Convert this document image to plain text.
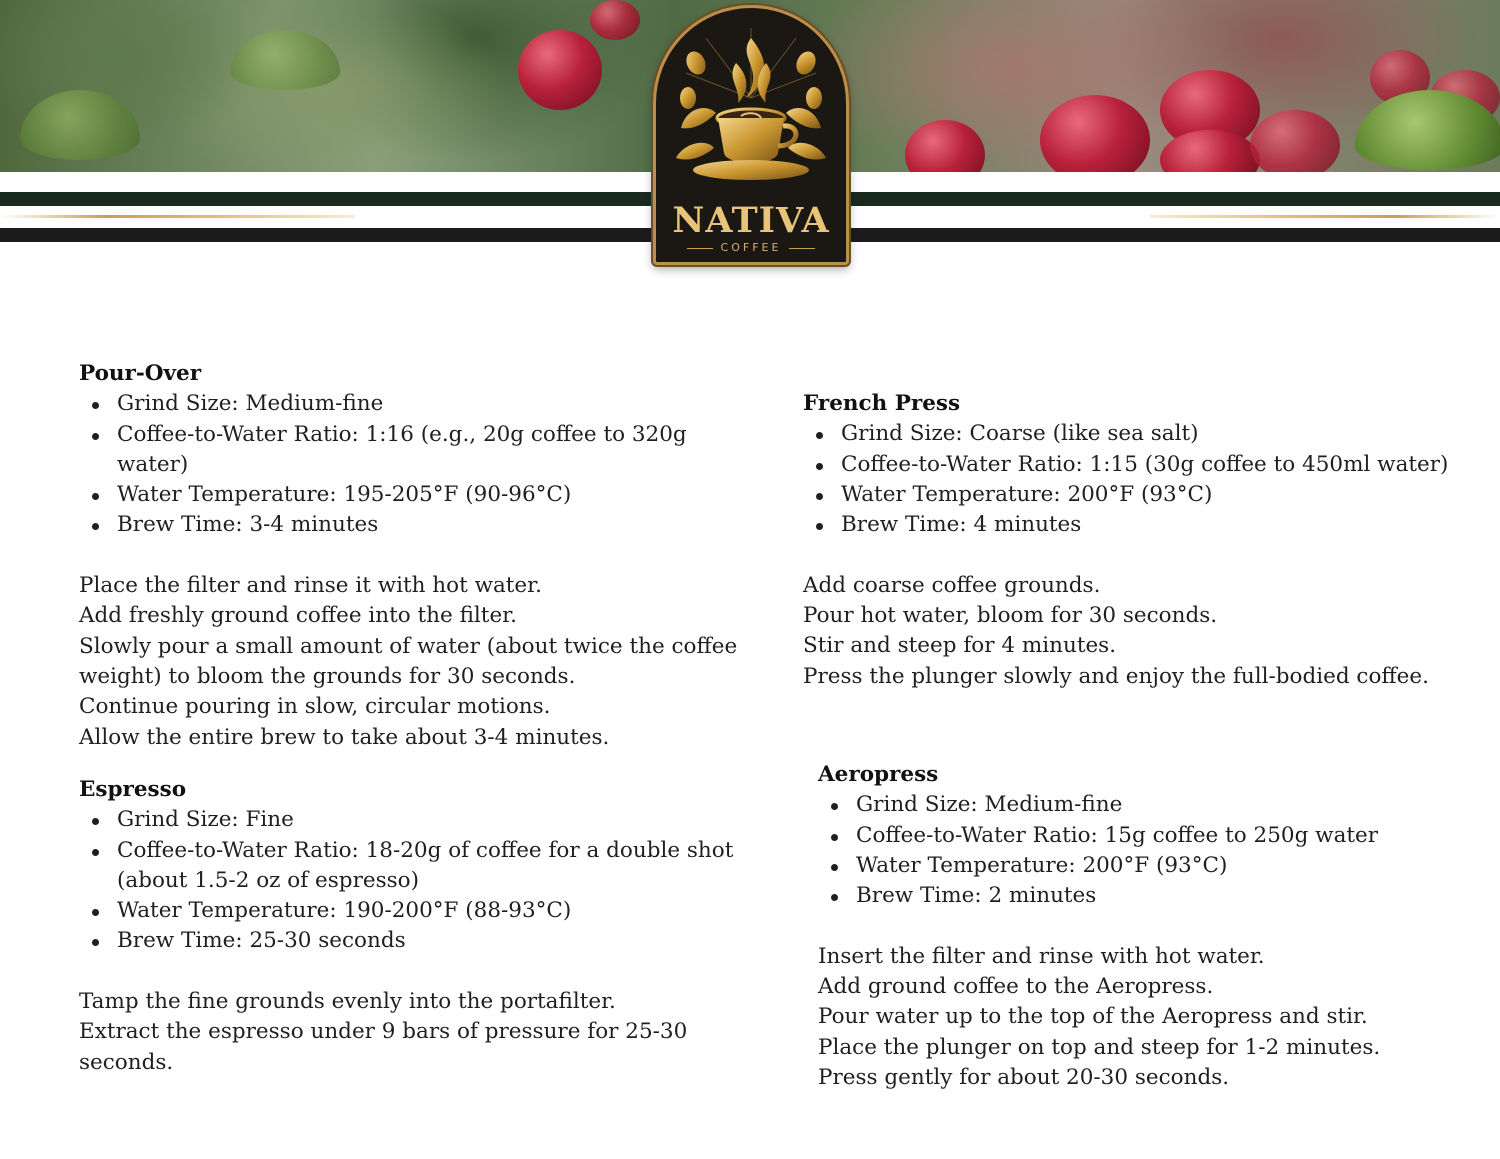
NATIVA
COFFEE
Pour-Over
Grind Size: Medium-fine
Coffee-to-Water Ratio: 1:16 (e.g., 20g coffee to 320g water)
Water Temperature: 195-205°F (90-96°C)
Brew Time: 3-4 minutes

Place the filter and rinse it with hot water.

Add freshly ground coffee into the filter.

Slowly pour a small amount of water (about twice the coffee weight) to bloom the grounds for 30 seconds.

Continue pouring in slow, circular motions.

Allow the entire brew to take about 3-4 minutes.

French Press
Grind Size: Coarse (like sea salt)
Coffee-to-Water Ratio: 1:15 (30g coffee to 450ml water)
Water Temperature: 200°F (93°C)
Brew Time: 4 minutes

Add coarse coffee grounds.

Pour hot water, bloom for 30 seconds.

Stir and steep for 4 minutes.

Press the plunger slowly and enjoy the full-bodied coffee.

Espresso
Grind Size: Fine
Coffee-to-Water Ratio: 18-20g of coffee for a double shot (about 1.5-2 oz of espresso)
Water Temperature: 190-200°F (88-93°C)
Brew Time: 25-30 seconds

Tamp the fine grounds evenly into the portafilter.

Extract the espresso under 9 bars of pressure for 25-30 seconds.

Aeropress
Grind Size: Medium-fine
Coffee-to-Water Ratio: 15g coffee to 250g water
Water Temperature: 200°F (93°C)
Brew Time: 2 minutes

Insert the filter and rinse with hot water.

Add ground coffee to the Aeropress.

Pour water up to the top of the Aeropress and stir.

Place the plunger on top and steep for 1-2 minutes.

Press gently for about 20-30 seconds.
